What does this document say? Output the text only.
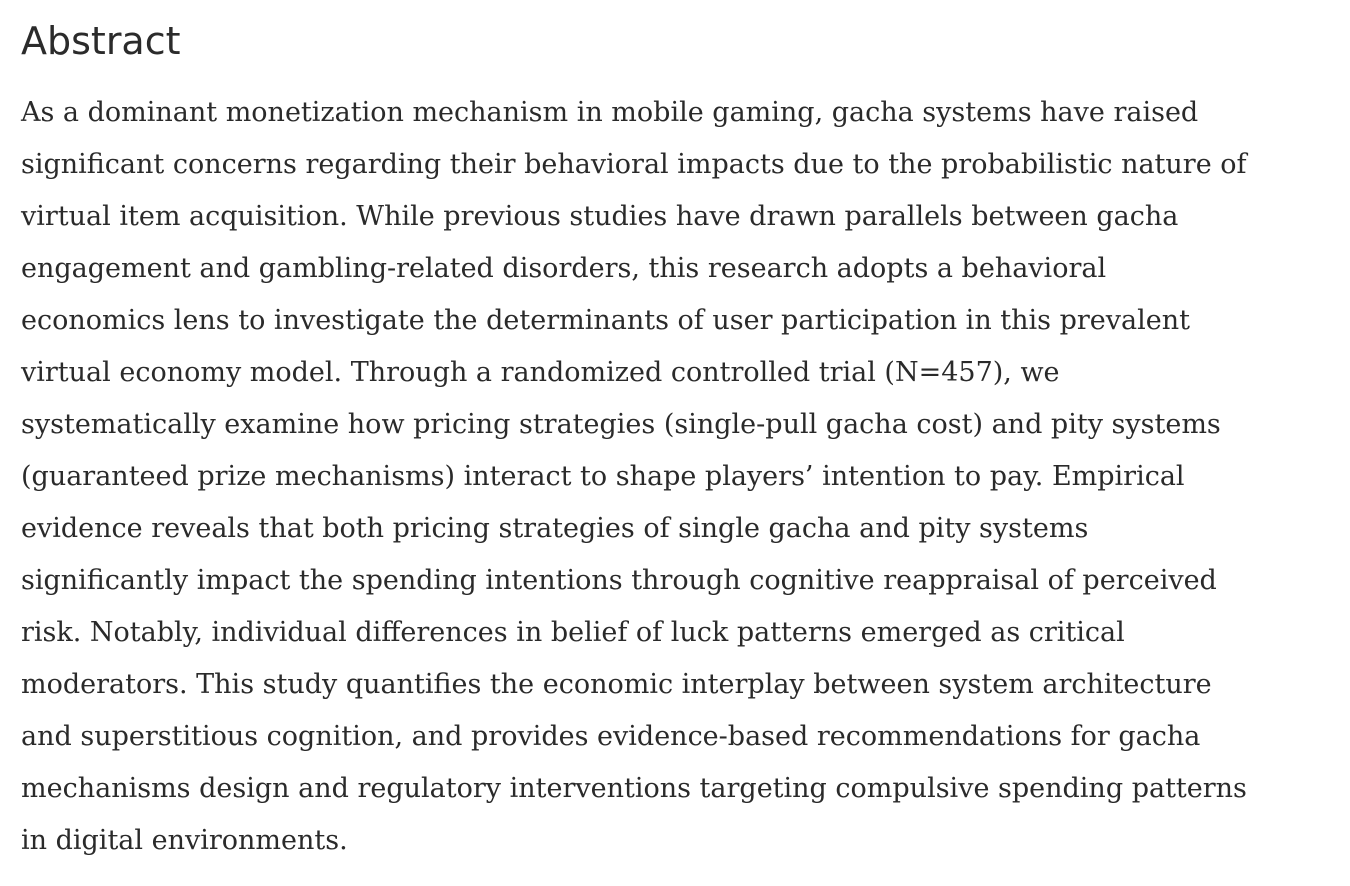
Abstract

As a dominant monetization mechanism in mobile gaming, gacha systems have raised
significant concerns regarding their behavioral impacts due to the probabilistic nature of
virtual item acquisition. While previous studies have drawn parallels between gacha
engagement and gambling-related disorders, this research adopts a behavioral
economics lens to investigate the determinants of user participation in this prevalent
virtual economy model. Through a randomized controlled trial (N=457), we
systematically examine how pricing strategies (single-pull gacha cost) and pity systems
(guaranteed prize mechanisms) interact to shape players’ intention to pay. Empirical
evidence reveals that both pricing strategies of single gacha and pity systems
significantly impact the spending intentions through cognitive reappraisal of perceived
risk. Notably, individual differences in belief of luck patterns emerged as critical
moderators. This study quantifies the economic interplay between system architecture
and superstitious cognition, and provides evidence-based recommendations for gacha
mechanisms design and regulatory interventions targeting compulsive spending patterns
in digital environments.
